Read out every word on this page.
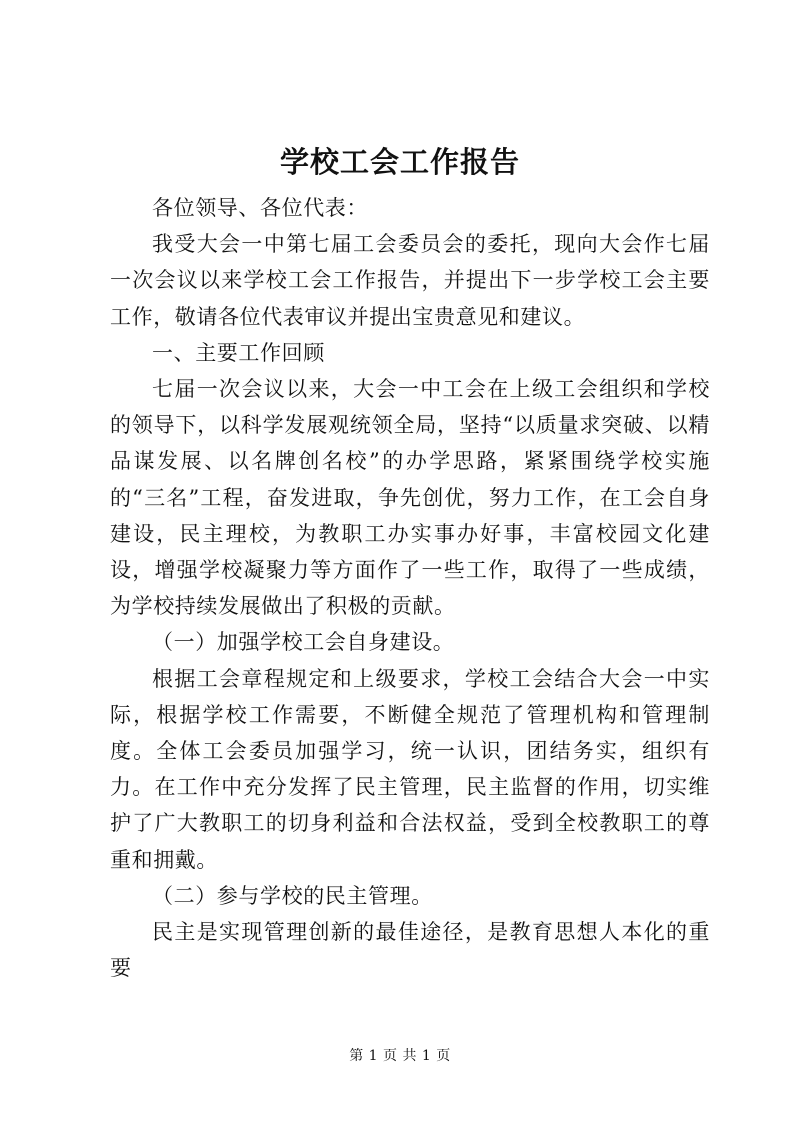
学校工会工作报告

各位领导、各位代表：

我受大会一中第七届工会委员会的委托，现向大会作七届一次会议以来学校工会工作报告，并提出下一步学校工会主要工作，敬请各位代表审议并提出宝贵意见和建议。

一、主要工作回顾

七届一次会议以来，大会一中工会在上级工会组织和学校的领导下，以科学发展观统领全局，坚持“以质量求突破、以精品谋发展、以名牌创名校”的办学思路，紧紧围绕学校实施的“三名”工程，奋发进取，争先创优，努力工作，在工会自身建设，民主理校，为教职工办实事办好事，丰富校园文化建设，增强学校凝聚力等方面作了一些工作，取得了一些成绩，为学校持续发展做出了积极的贡献。

（一）加强学校工会自身建设。

根据工会章程规定和上级要求，学校工会结合大会一中实际，根据学校工作需要，不断健全规范了管理机构和管理制度。全体工会委员加强学习，统一认识，团结务实，组织有力。在工作中充分发挥了民主管理，民主监督的作用，切实维护了广大教职工的切身利益和合法权益，受到全校教职工的尊重和拥戴。

（二）参与学校的民主管理。

民主是实现管理创新的最佳途径，是教育思想人本化的重要

第 1 页 共 1 页
